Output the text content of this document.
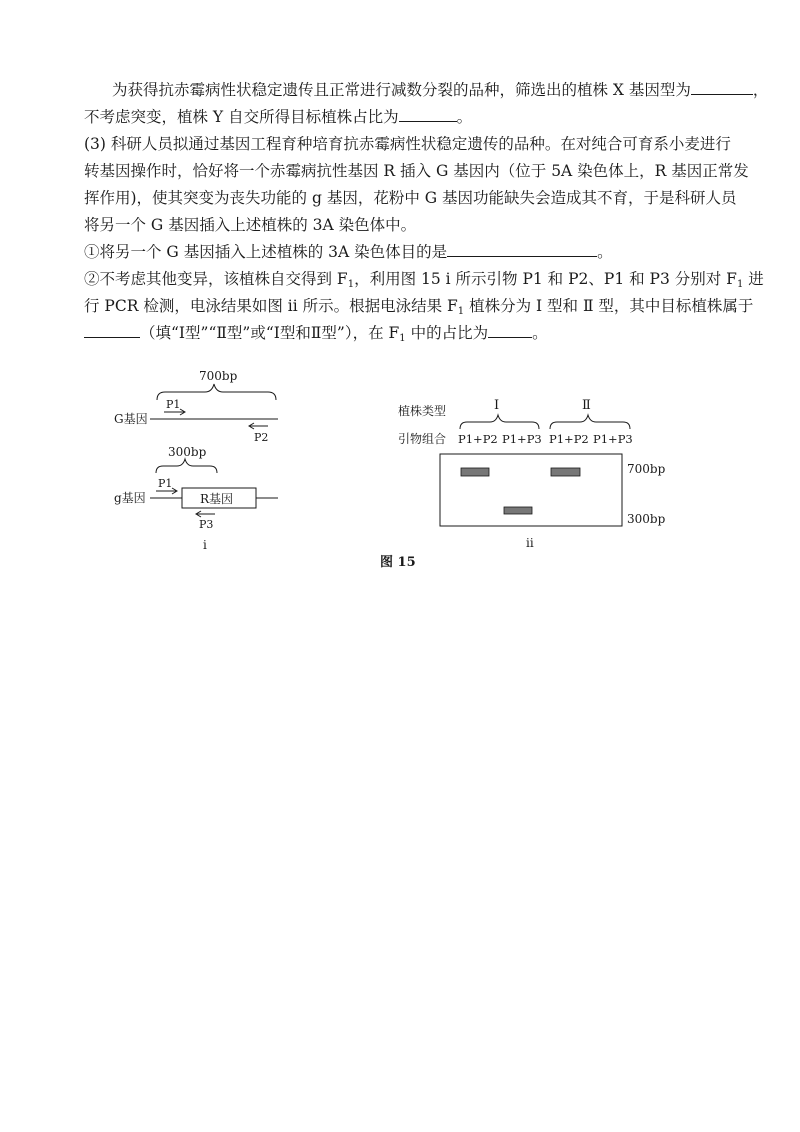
为获得抗赤霉病性状稳定遗传且正常进行减数分裂的品种，筛选出的植株 X 基因型为	，
不考虑突变，植株 Y 自交所得目标植株占比为	。
(3) 科研人员拟通过基因工程育种培育抗赤霉病性状稳定遗传的品种。在对纯合可育系小麦进行
转基因操作时，恰好将一个赤霉病抗性基因 R 插入 G 基因内（位于 5A 染色体上，R 基因正常发
挥作用)，使其突变为丧失功能的 g 基因，花粉中 G 基因功能缺失会造成其不育，于是科研人员
将另一个 G 基因插入上述植株的 3A 染色体中。
①将另一个 G 基因插入上述植株的 3A 染色体目的是	。
②不考虑其他变异，该植株自交得到 $F_1$，利用图 15 ⅰ 所示引物 P1 和 P2、P1 和 P3 分别对 $F_1$ 进
行 PCR 检测，电泳结果如图 ⅱ 所示。根据电泳结果 $F_1$ 植株分为 Ⅰ 型和 Ⅱ 型，其中目标植株属于
（填“Ⅰ型”“Ⅱ型”或“Ⅰ型和Ⅱ型”），在 $F_1$ 中的占比为	。
700bp
G基因
P1
P2
300bp
g基因	R基因
P1
P3
i
植株类型	Ⅰ	Ⅱ
引物组合 P1+P2 P1+P3 P1+P2 P1+P3
700bp
300bp
ii
图 15
